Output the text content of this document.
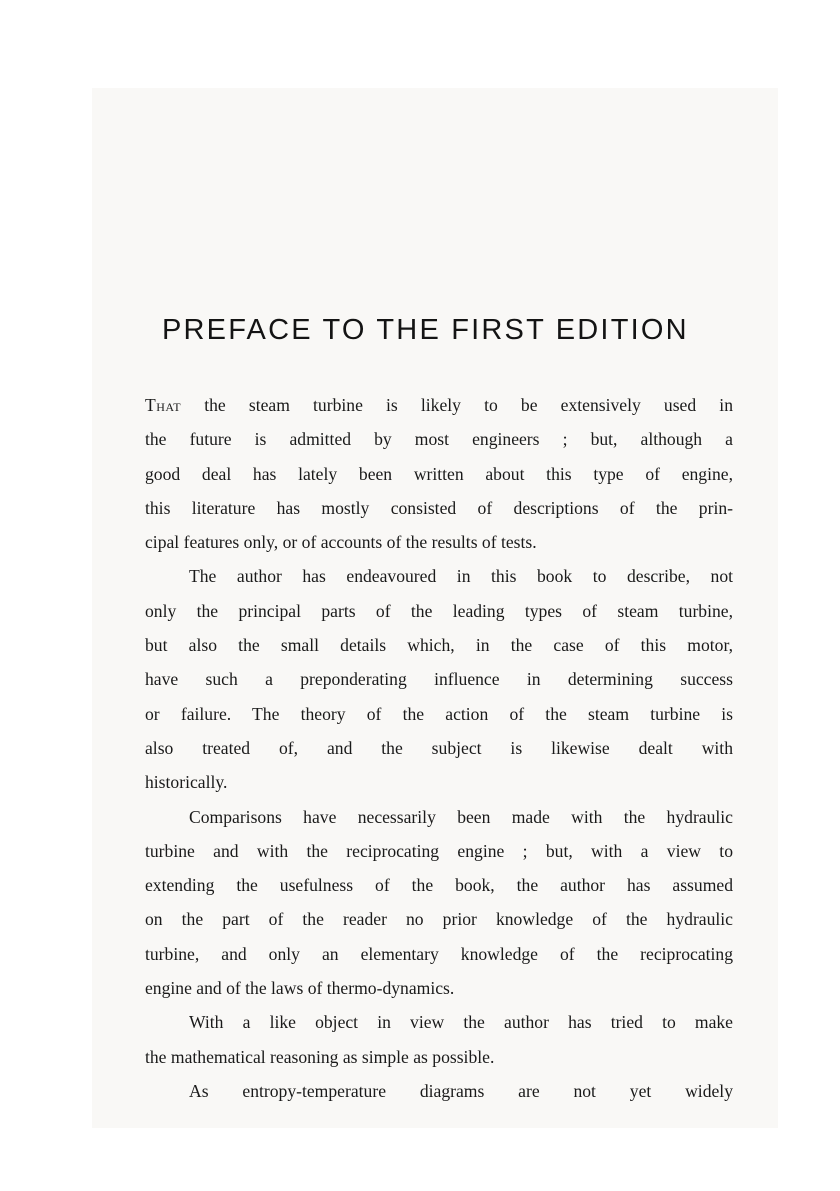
PREFACE TO THE FIRST EDITION
That the steam turbine is likely to be extensively used in
the future is admitted by most engineers ; but, although a
good deal has lately been written about this type of engine,
this literature has mostly consisted of descriptions of the prin-
cipal features only, or of accounts of the results of tests.
The author has endeavoured in this book to describe, not
only the principal parts of the leading types of steam turbine,
but also the small details which, in the case of this motor,
have such a preponderating influence in determining success
or failure. The theory of the action of the steam turbine is
also treated of, and the subject is likewise dealt with
historically.
Comparisons have necessarily been made with the hydraulic
turbine and with the reciprocating engine ; but, with a view to
extending the usefulness of the book, the author has assumed
on the part of the reader no prior knowledge of the hydraulic
turbine, and only an elementary knowledge of the reciprocating
engine and of the laws of thermo-dynamics.
With a like object in view the author has tried to make
the mathematical reasoning as simple as possible.
As entropy-temperature diagrams are not yet widely
